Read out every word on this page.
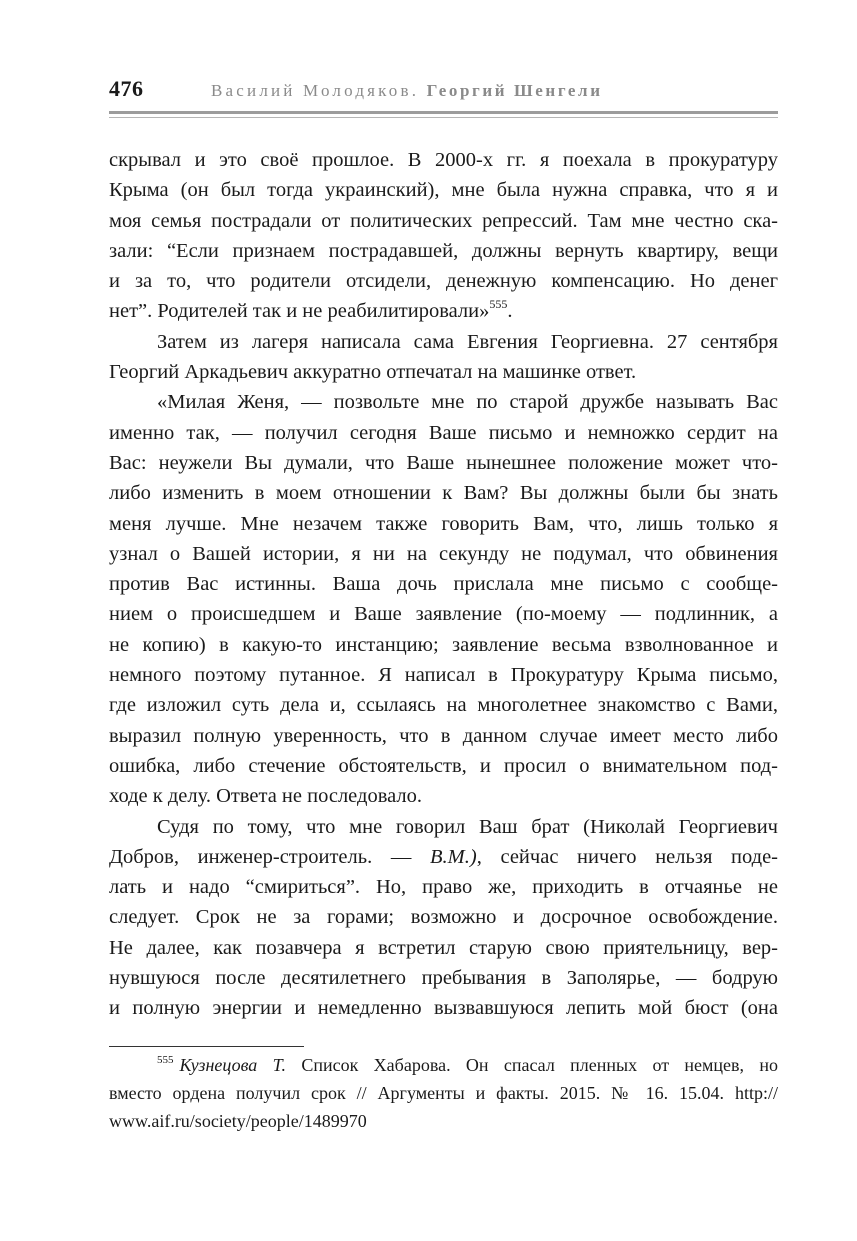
476	Василий Молодяков. Георгий Шенгели
скрывал и это своё прошлое. В 2000-х гг. я поехала в прокуратуру
Крыма (он был тогда украинский), мне была нужна справка, что я и
моя семья пострадали от политических репрессий. Там мне честно ска-
зали: “Если признаем пострадавшей, должны вернуть квартиру, вещи
и за то, что родители отсидели, денежную компенсацию. Но денег
нет”. Родителей так и не реабилитировали»$^{555}$.
Затем из лагеря написала сама Евгения Георгиевна. 27 сентября
Георгий Аркадьевич аккуратно отпечатал на машинке ответ.
«Милая Женя, — позвольте мне по старой дружбе называть Вас
именно так, — получил сегодня Ваше письмо и немножко сердит на
Вас: неужели Вы думали, что Ваше нынешнее положение может что-
либо изменить в моем отношении к Вам? Вы должны были бы знать
меня лучше. Мне незачем также говорить Вам, что, лишь только я
узнал о Вашей истории, я ни на секунду не подумал, что обвинения
против Вас истинны. Ваша дочь прислала мне письмо с сообще-
нием о происшедшем и Ваше заявление (по-моему — подлинник, а
не копию) в какую-то инстанцию; заявление весьма взволнованное и
немного поэтому путанное. Я написал в Прокуратуру Крыма письмо,
где изложил суть дела и, ссылаясь на многолетнее знакомство с Вами,
выразил полную уверенность, что в данном случае имеет место либо
ошибка, либо стечение обстоятельств, и просил о внимательном под-
ходе к делу. Ответа не последовало.
Судя по тому, что мне говорил Ваш брат (Николай Георгиевич
Добров, инженер-строитель. — В.М.), сейчас ничего нельзя поде-
лать и надо “смириться”. Но, право же, приходить в отчаянье не
следует. Срок не за горами; возможно и досрочное освобождение.
Не далее, как позавчера я встретил старую свою приятельницу, вер-
нувшуюся после десятилетнего пребывания в Заполярье, — бодрую
и полную энергии и немедленно вызвавшуюся лепить мой бюст (она
$^{555}$ Кузнецова Т. Список Хабарова. Он спасал пленных от немцев, но
вместо ордена получил срок // Аргументы и факты. 2015. № 16. 15.04. http://
www.aif.ru/society/people/1489970
